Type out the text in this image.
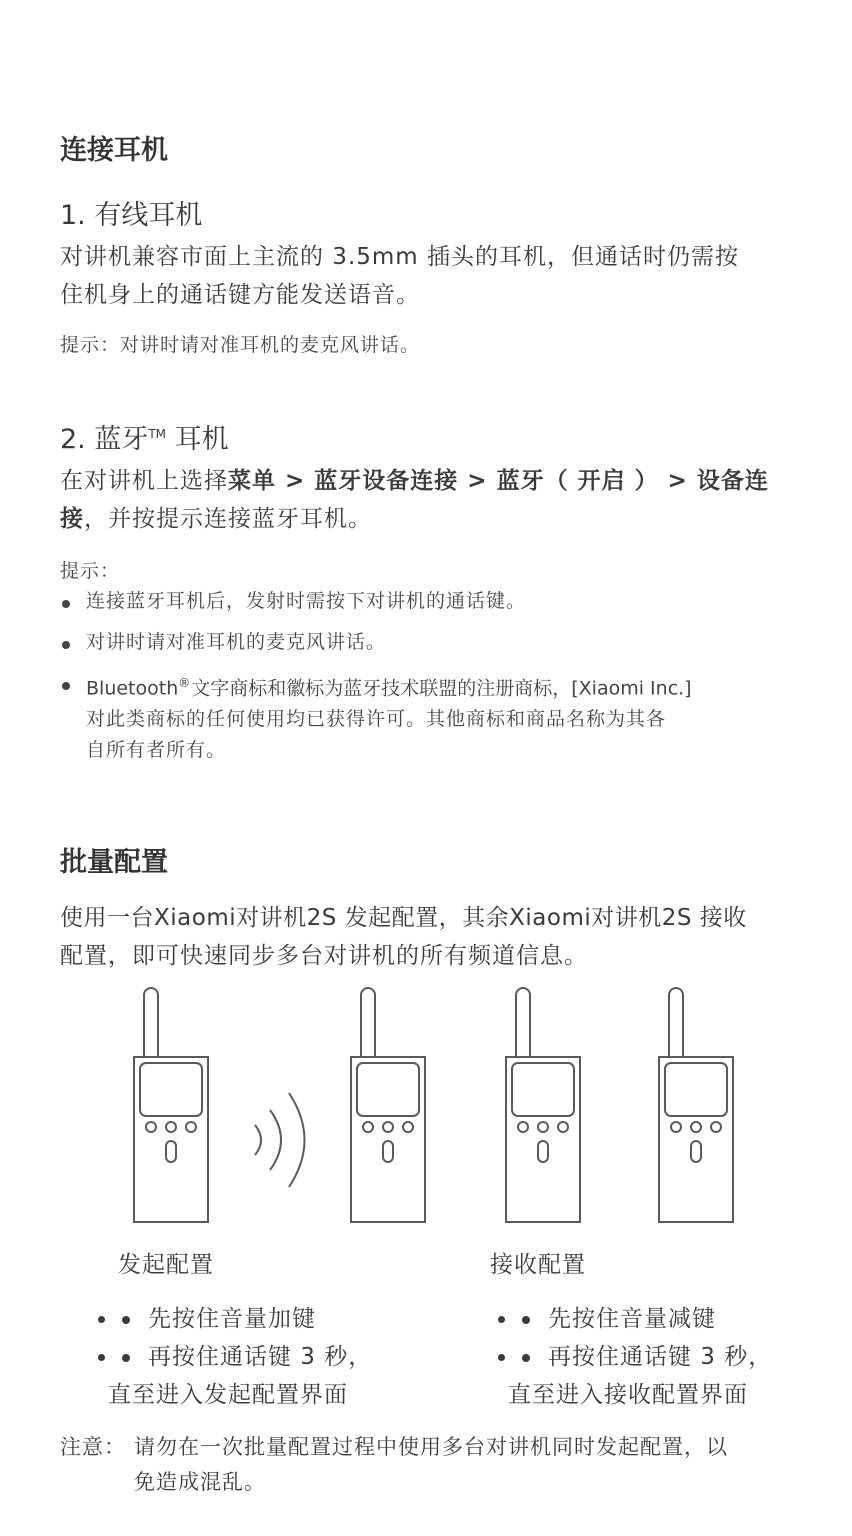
连接耳机
1. 有线耳机
对讲机兼容市面上主流的 3.5mm 插头的耳机，但通话时仍需按
住机身上的通话键方能发送语音。
提示：对讲时请对准耳机的麦克风讲话。
2. 蓝牙™ 耳机
在对讲机上选择菜单 > 蓝牙设备连接 > 蓝牙（ 开启 ） > 设备连
接，并按提示连接蓝牙耳机。
提示：
连接蓝牙耳机后，发射时需按下对讲机的通话键。
对讲时请对准耳机的麦克风讲话。
Bluetooth®文字商标和徽标为蓝牙技术联盟的注册商标，[Xiaomi Inc.]
对此类商标的任何使用均已获得许可。其他商标和商品名称为其各
自所有者所有。
批量配置
使用一台Xiaomi对讲机2S 发起配置，其余Xiaomi对讲机2S 接收
配置，即可快速同步多台对讲机的所有频道信息。
发起配置
• 先按住音量加键
• 再按住通话键 3 秒，
直至进入发起配置界面
接收配置
• 先按住音量减键
• 再按住通话键 3 秒，
直至进入接收配置界面
注意： 请勿在一次批量配置过程中使用多台对讲机同时发起配置，以
免造成混乱。
